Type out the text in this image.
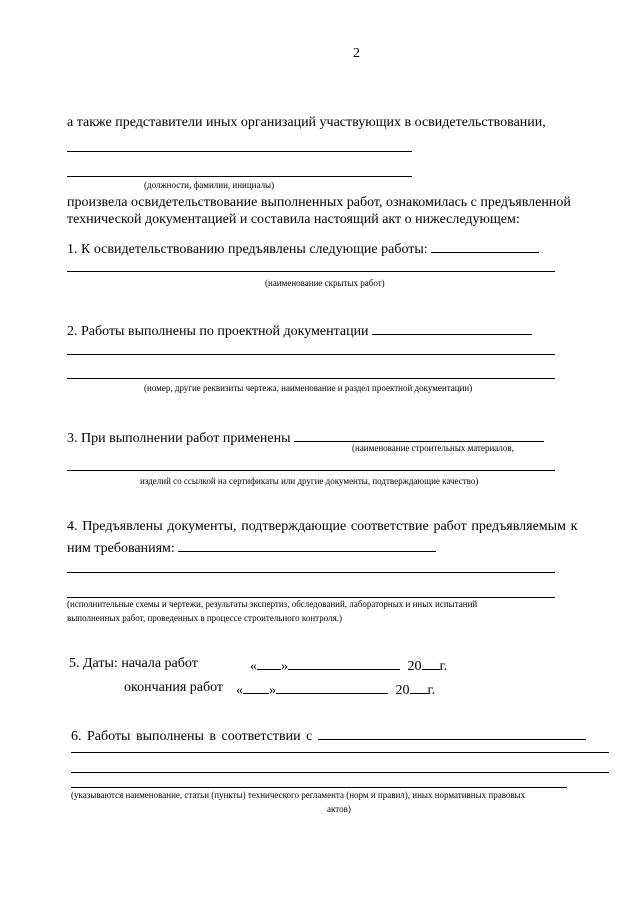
2
а также представители иных организаций участвующих в освидетельствовании,
(должности, фамилии, инициалы)
произвела освидетельствование выполненных работ, ознакомилась с предъявленной
технической документацией и составила настоящий акт о нижеследующем:
1. К освидетельствованию предъявлены следующие работы:
(наименование скрытых работ)
2. Работы выполнены по проектной документации
(номер, другие реквизиты чертежа, наименование и раздел проектной документации)
3. При выполнении работ применены
(наименование строительных материалов,
изделий со ссылкой на сертификаты или другие документы, подтверждающие качество)
4. Предъявлены документы, подтверждающие соответствие работ предъявляемым к
ним требованиям:
(исполнительные схемы и чертежи, результаты экспертиз, обследований, лабораторных и иных испытаний
выполненных работ, проведенных в процессе строительного контроля.)
5. Даты: начала работ	« »	20 г.
окончания работ « »	20 г.
6. Работы выполнены в соответствии с
(указываются наименование, статьи (пункты) технического регламента (норм и правил), иных нормативных правовых
актов)
